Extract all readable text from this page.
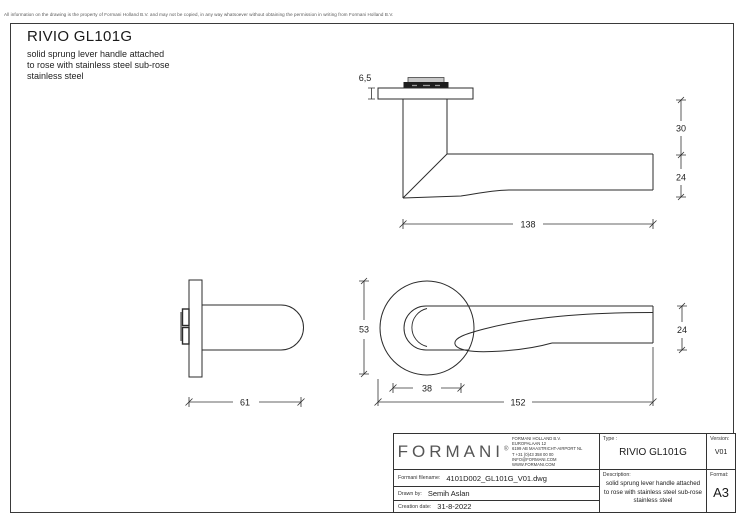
All information on the drawing is the property of Formani Holland B.V. and may not be copied, in any way whatsoever without obtaining the permission in writing from Formani Holland B.V.
RIVIO GL101G
solid sprung lever handle attached
to rose with stainless steel sub-rose
stainless steel	6,5
138
30
24
61
53
38
152
24
FORMANI®
FORMANI HOLLAND B.V.
EUROPALAAN 12
6199 AB MAASTRICHT-AIRPORT NL
T +31 (0)43 358 00 00
INFO@FORMANI.COM
WWW.FORMANI.COM
Type :
RIVIO GL101G
Version:
V01
Formani filename: 4101D002_GL101G_V01.dwg
Drawn by: Semih Aslan
Creation date: 31-8-2022
Description:
solid sprung lever handle attached
to rose with stainless steel sub-rose
stainless steel
Format:
A3
